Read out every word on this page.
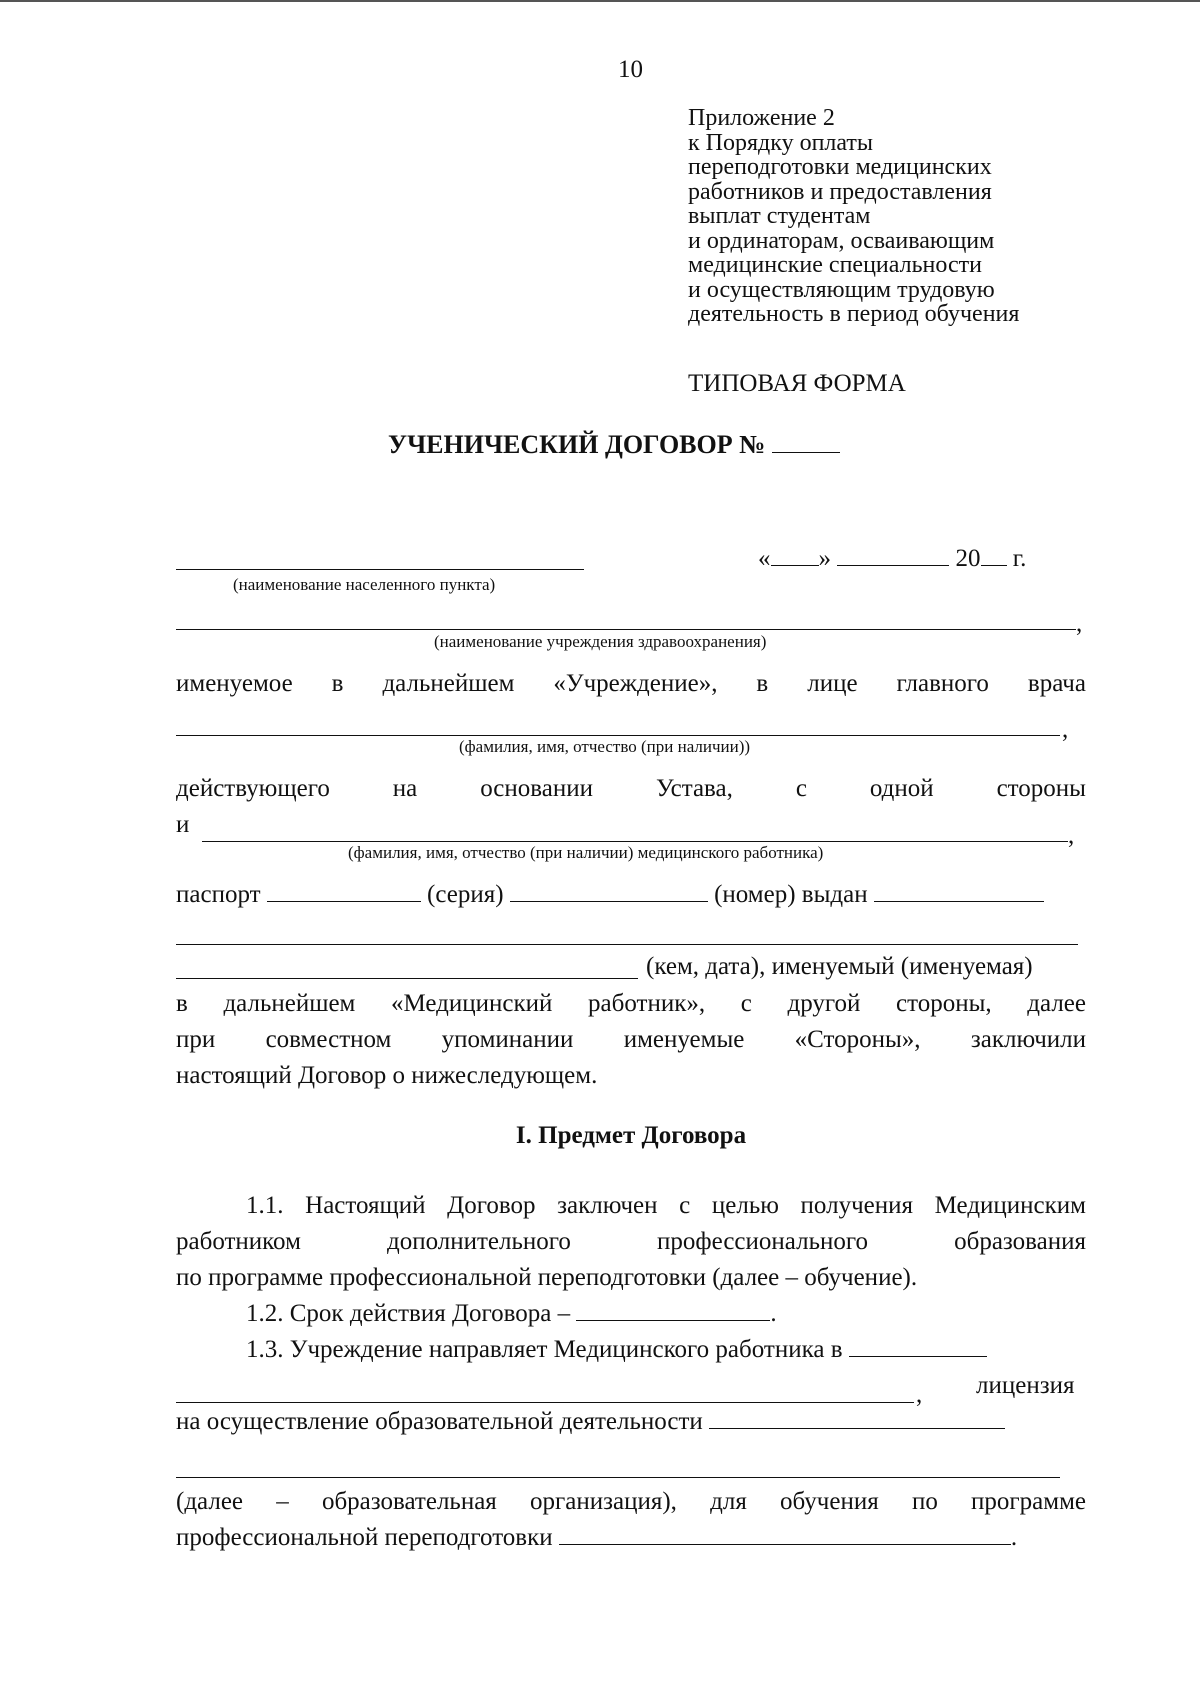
10
Приложение 2
к Порядку оплаты
переподготовки медицинских
работников и предоставления
выплат студентам
и ординаторам, осваивающим
медицинские специальности
и осуществляющим трудовую
деятельность в период обучения
ТИПОВАЯ ФОРМА
УЧЕНИЧЕСКИЙ ДОГОВОР №
(наименование населенного пункта)
« »	20 г.
,
(наименование учреждения здравоохранения)
именуемое в дальнейшем «Учреждение», в лице главного врача
,
(фамилия, имя, отчество (при наличии))
действующего	на	основании	Устава,	с	одной	стороны
и	,
(фамилия, имя, отчество (при наличии) медицинского работника)
паспорт	(серия)	(номер) выдан
(кем, дата), именуемый (именуемая)
в дальнейшем «Медицинский работник», с другой стороны, далее
при совместном упоминании именуемые «Стороны», заключили
настоящий Договор о нижеследующем.
I. Предмет Договора
1.1. Настоящий Договор заключен с целью получения Медицинским
работником	дополнительного	профессионального	образования
по программе профессиональной переподготовки (далее – обучение).
1.2. Срок действия Договора –	.
1.3. Учреждение направляет Медицинского работника в
, лицензия
на осуществление образовательной деятельности
(далее – образовательная организация), для обучения по программе
профессиональной переподготовки	.
